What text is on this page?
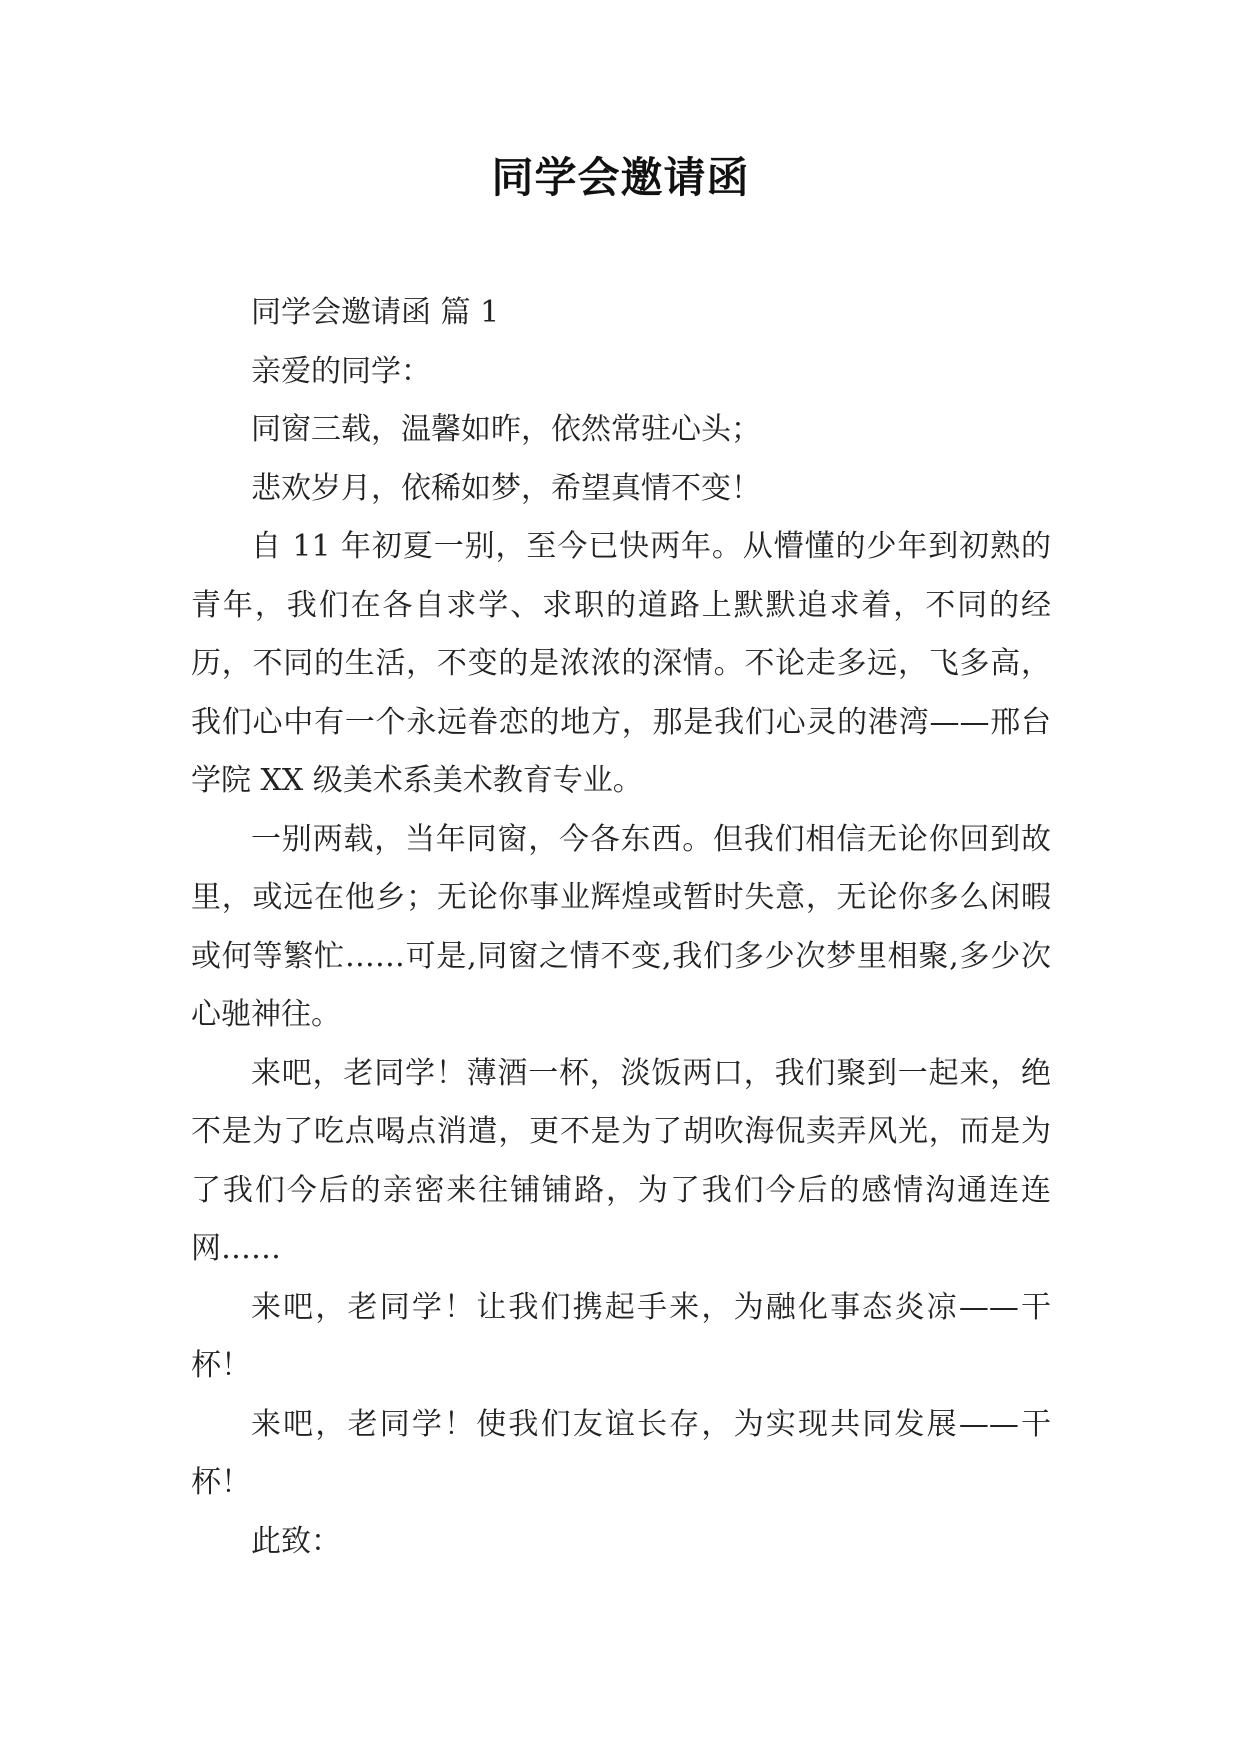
同学会邀请函

同学会邀请函 篇 1

亲爱的同学：

同窗三载，温馨如昨，依然常驻心头；

悲欢岁月，依稀如梦，希望真情不变！

自 11 年初夏一别，至今已快两年。从懵懂的少年到初熟的青年，我们在各自求学、求职的道路上默默追求着，不同的经历，不同的生活，不变的是浓浓的深情。不论走多远，飞多高，我们心中有一个永远眷恋的地方，那是我们心灵的港湾——邢台学院 XX 级美术系美术教育专业。

一别两载，当年同窗，今各东西。但我们相信无论你回到故里，或远在他乡；无论你事业辉煌或暂时失意，无论你多么闲暇或何等繁忙……可是,同窗之情不变,我们多少次梦里相聚,多少次心驰神往。

来吧，老同学！薄酒一杯，淡饭两口，我们聚到一起来，绝不是为了吃点喝点消遣，更不是为了胡吹海侃卖弄风光，而是为了我们今后的亲密来往铺铺路，为了我们今后的感情沟通连连网……

来吧，老同学！让我们携起手来，为融化事态炎凉——干杯！

来吧，老同学！使我们友谊长存，为实现共同发展——干杯！

此致：
